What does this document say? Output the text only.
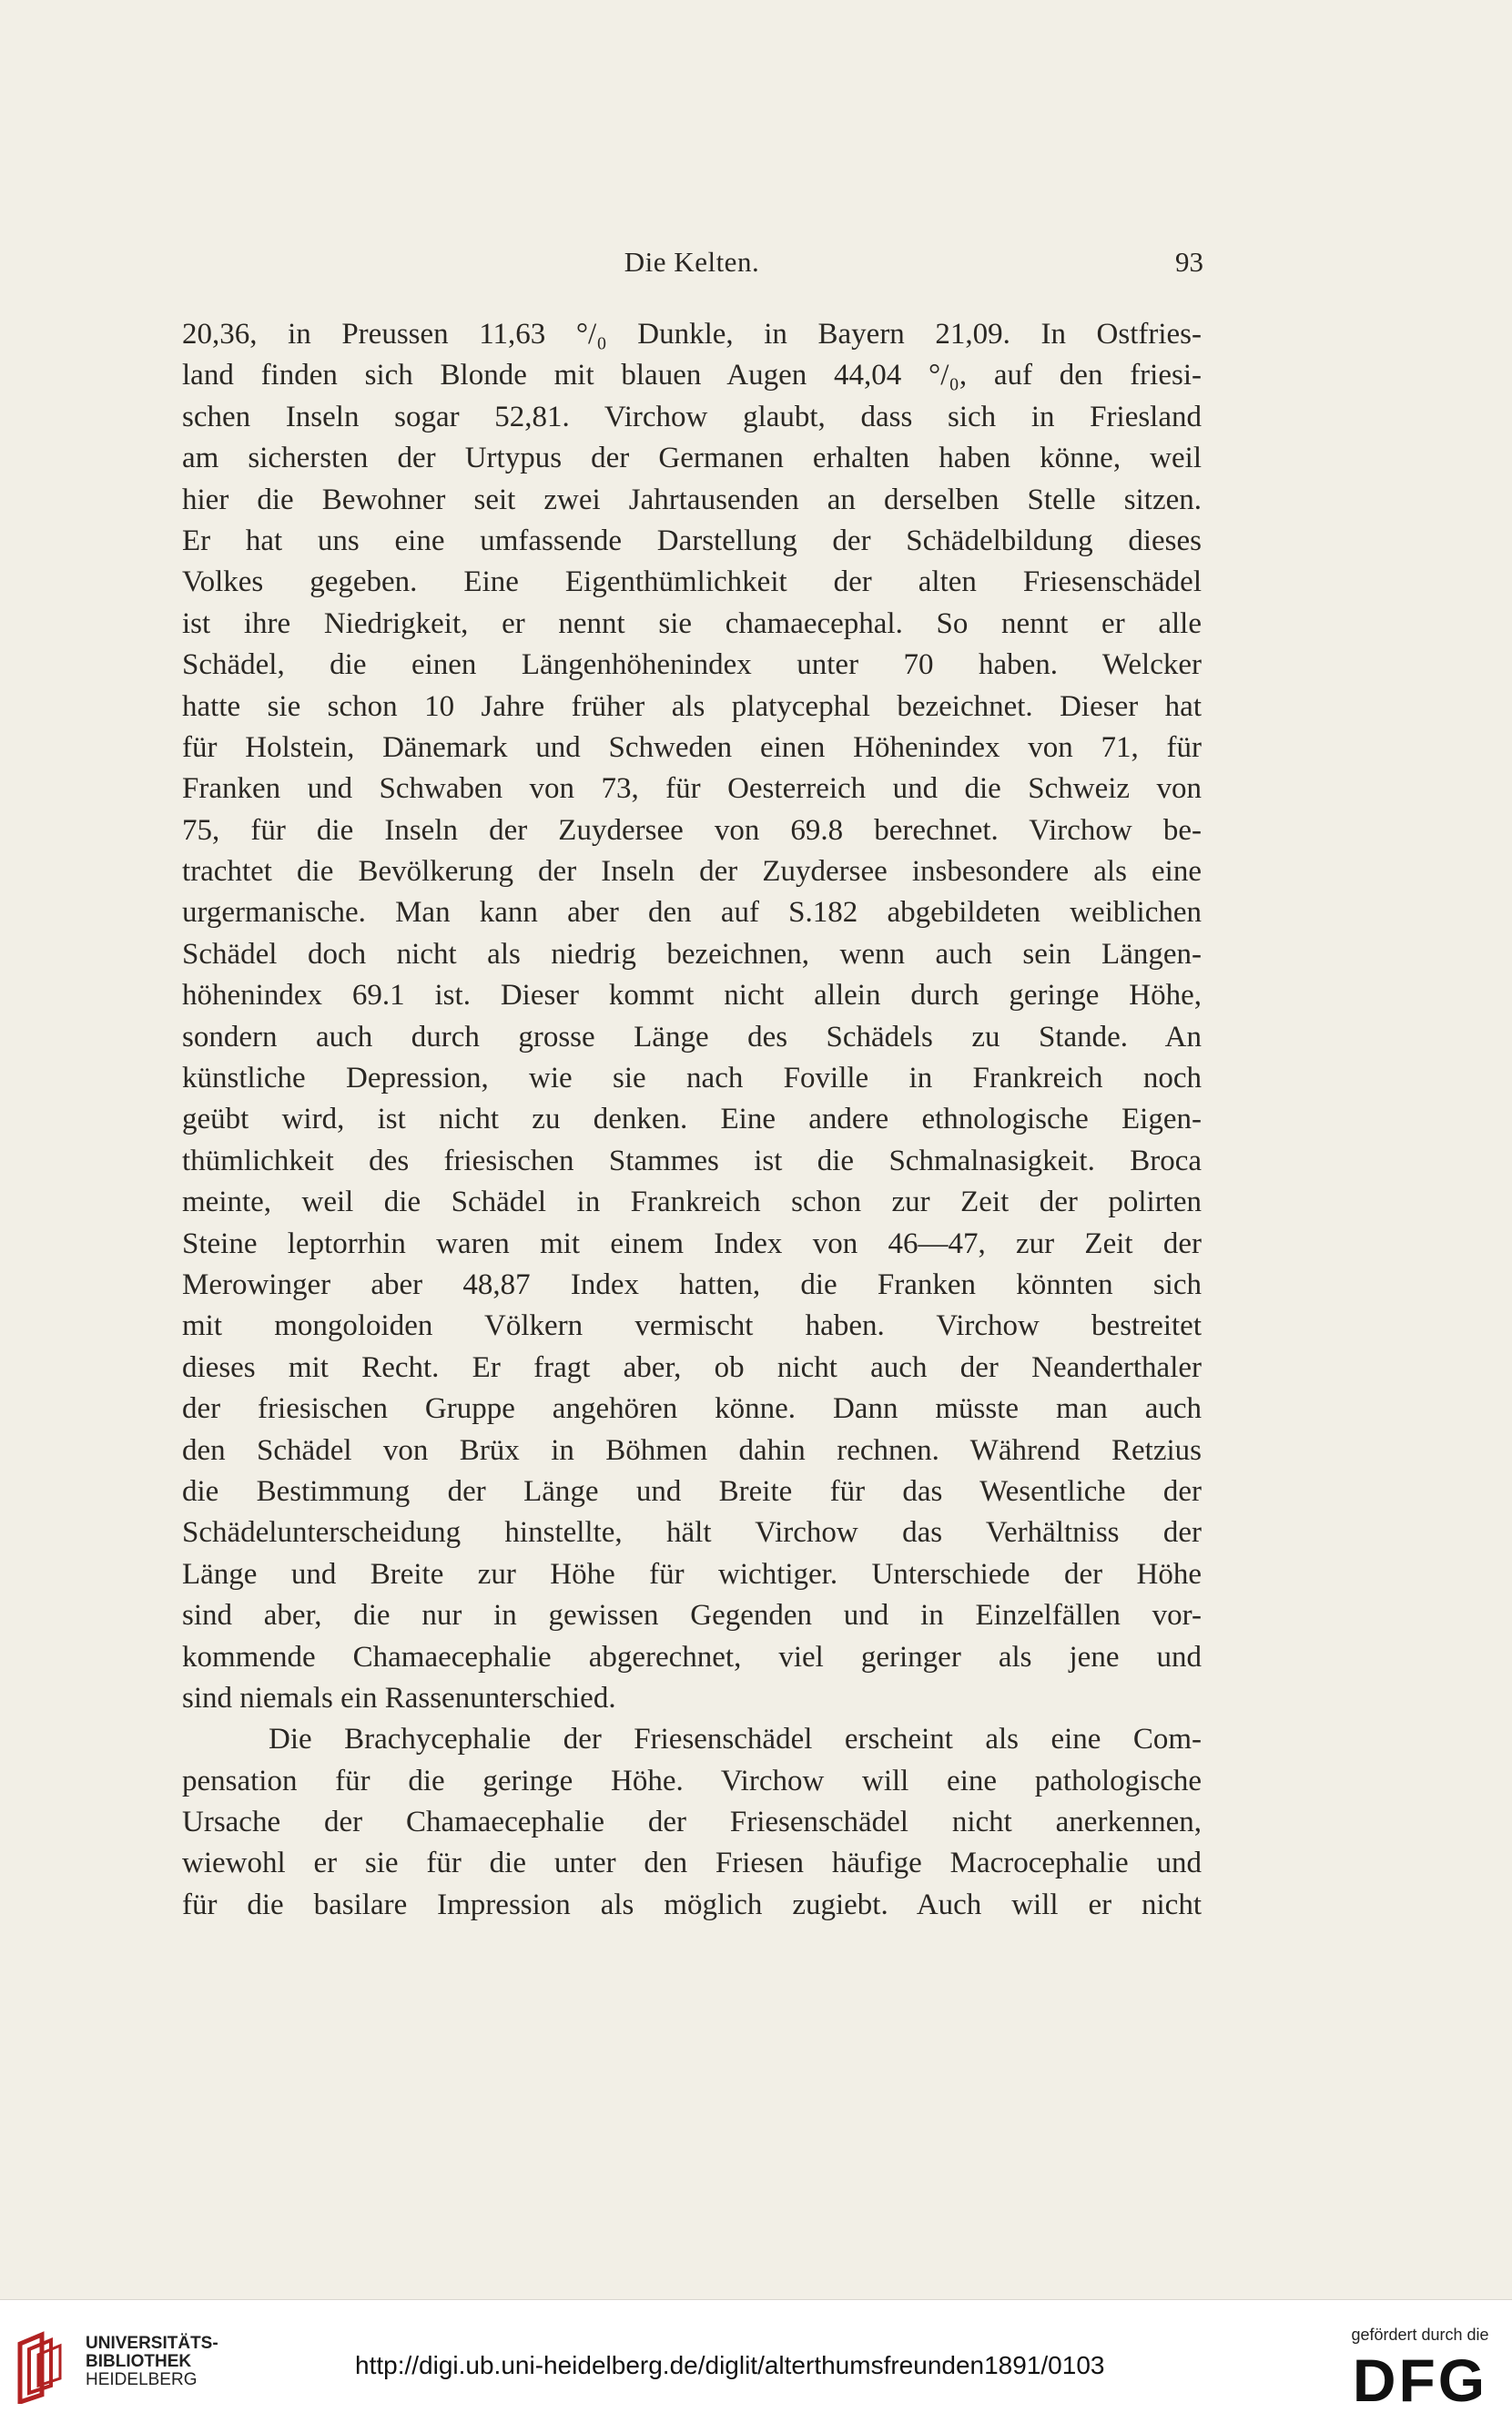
Die Kelten.	93
20,36, in Preussen 11,63 °/₀ Dunkle, in Bayern 21,09. In Ostfries-
land finden sich Blonde mit blauen Augen 44,04 °/₀, auf den friesi-
schen Inseln sogar 52,81. Virchow glaubt, dass sich in Friesland
am sichersten der Urtypus der Germanen erhalten haben könne, weil
hier die Bewohner seit zwei Jahrtausenden an derselben Stelle sitzen.
Er hat uns eine umfassende Darstellung der Schädelbildung dieses
Volkes gegeben. Eine Eigenthümlichkeit der alten Friesenschädel
ist ihre Niedrigkeit, er nennt sie chamaecephal. So nennt er alle
Schädel, die einen Längenhöhenindex unter 70 haben. Welcker
hatte sie schon 10 Jahre früher als platycephal bezeichnet. Dieser hat
für Holstein, Dänemark und Schweden einen Höhenindex von 71, für
Franken und Schwaben von 73, für Oesterreich und die Schweiz von
75, für die Inseln der Zuydersee von 69.8 berechnet. Virchow be-
trachtet die Bevölkerung der Inseln der Zuydersee insbesondere als eine
urgermanische. Man kann aber den auf S.182 abgebildeten weiblichen
Schädel doch nicht als niedrig bezeichnen, wenn auch sein Längen-
höhenindex 69.1 ist. Dieser kommt nicht allein durch geringe Höhe,
sondern auch durch grosse Länge des Schädels zu Stande. An
künstliche Depression, wie sie nach Foville in Frankreich noch
geübt wird, ist nicht zu denken. Eine andere ethnologische Eigen-
thümlichkeit des friesischen Stammes ist die Schmalnasigkeit. Broca
meinte, weil die Schädel in Frankreich schon zur Zeit der polirten
Steine leptorrhin waren mit einem Index von 46—47, zur Zeit der
Merowinger aber 48,87 Index hatten, die Franken könnten sich
mit mongoloiden Völkern vermischt haben. Virchow bestreitet
dieses mit Recht. Er fragt aber, ob nicht auch der Neanderthaler
der friesischen Gruppe angehören könne. Dann müsste man auch
den Schädel von Brüx in Böhmen dahin rechnen. Während Retzius
die Bestimmung der Länge und Breite für das Wesentliche der
Schädelunterscheidung hinstellte, hält Virchow das Verhältniss der
Länge und Breite zur Höhe für wichtiger. Unterschiede der Höhe
sind aber, die nur in gewissen Gegenden und in Einzelfällen vor-
kommende Chamaecephalie abgerechnet, viel geringer als jene und
sind niemals ein Rassenunterschied.
Die Brachycephalie der Friesenschädel erscheint als eine Com-
pensation für die geringe Höhe. Virchow will eine pathologische
Ursache der Chamaecephalie der Friesenschädel nicht anerkennen,
wiewohl er sie für die unter den Friesen häufige Macrocephalie und
für die basilare Impression als möglich zugiebt. Auch will er nicht
UNIVERSITÄTS-
BIBLIOTHEK
HEIDELBERG
http://digi.ub.uni-heidelberg.de/diglit/alterthumsfreunden1891/0103
gefördert durch die
DFG
